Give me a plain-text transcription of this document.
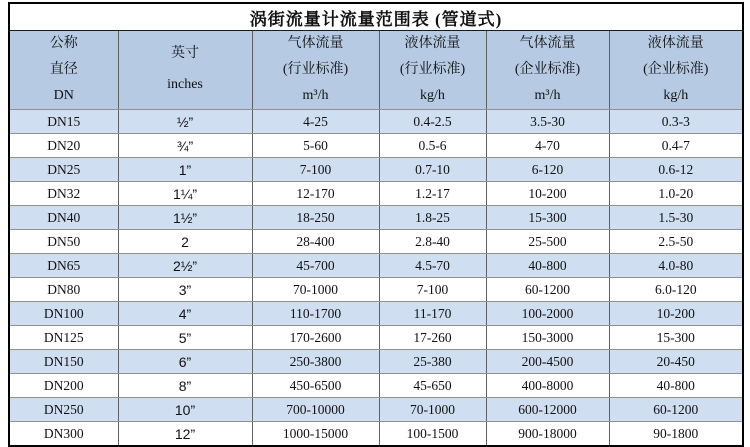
涡街流量计流量范围表 (管道式)					

公称
直径
DN

英寸
inches

气体流量
(行业标准)
m³/h

液体流量
(行业标准)
kg/h

气体流量
(企业标准)
m³/h

液体流量
(企业标准)
kg/h

DN15	½”	4-25	0.4-2.5	3.5-30	0.3-3
DN20	¾”	5-60	0.5-6	4-70	0.4-7
DN25	1”	7-100	0.7-10	6-120	0.6-12
DN32	1¼”	12-170	1.2-17	10-200	1.0-20
DN40	1½”	18-250	1.8-25	15-300	1.5-30
DN50	2	28-400	2.8-40	25-500	2.5-50
DN65	2½”	45-700	4.5-70	40-800	4.0-80
DN80	3”	70-1000	7-100	60-1200	6.0-120
DN100	4”	110-1700	11-170	100-2000	10-200
DN125	5”	170-2600	17-260	150-3000	15-300
DN150	6”	250-3800	25-380	200-4500	20-450
DN200	8”	450-6500	45-650	400-8000	40-800
DN250	10”	700-10000	70-1000	600-12000	60-1200
DN300	12”	1000-15000	100-1500	900-18000	90-1800
